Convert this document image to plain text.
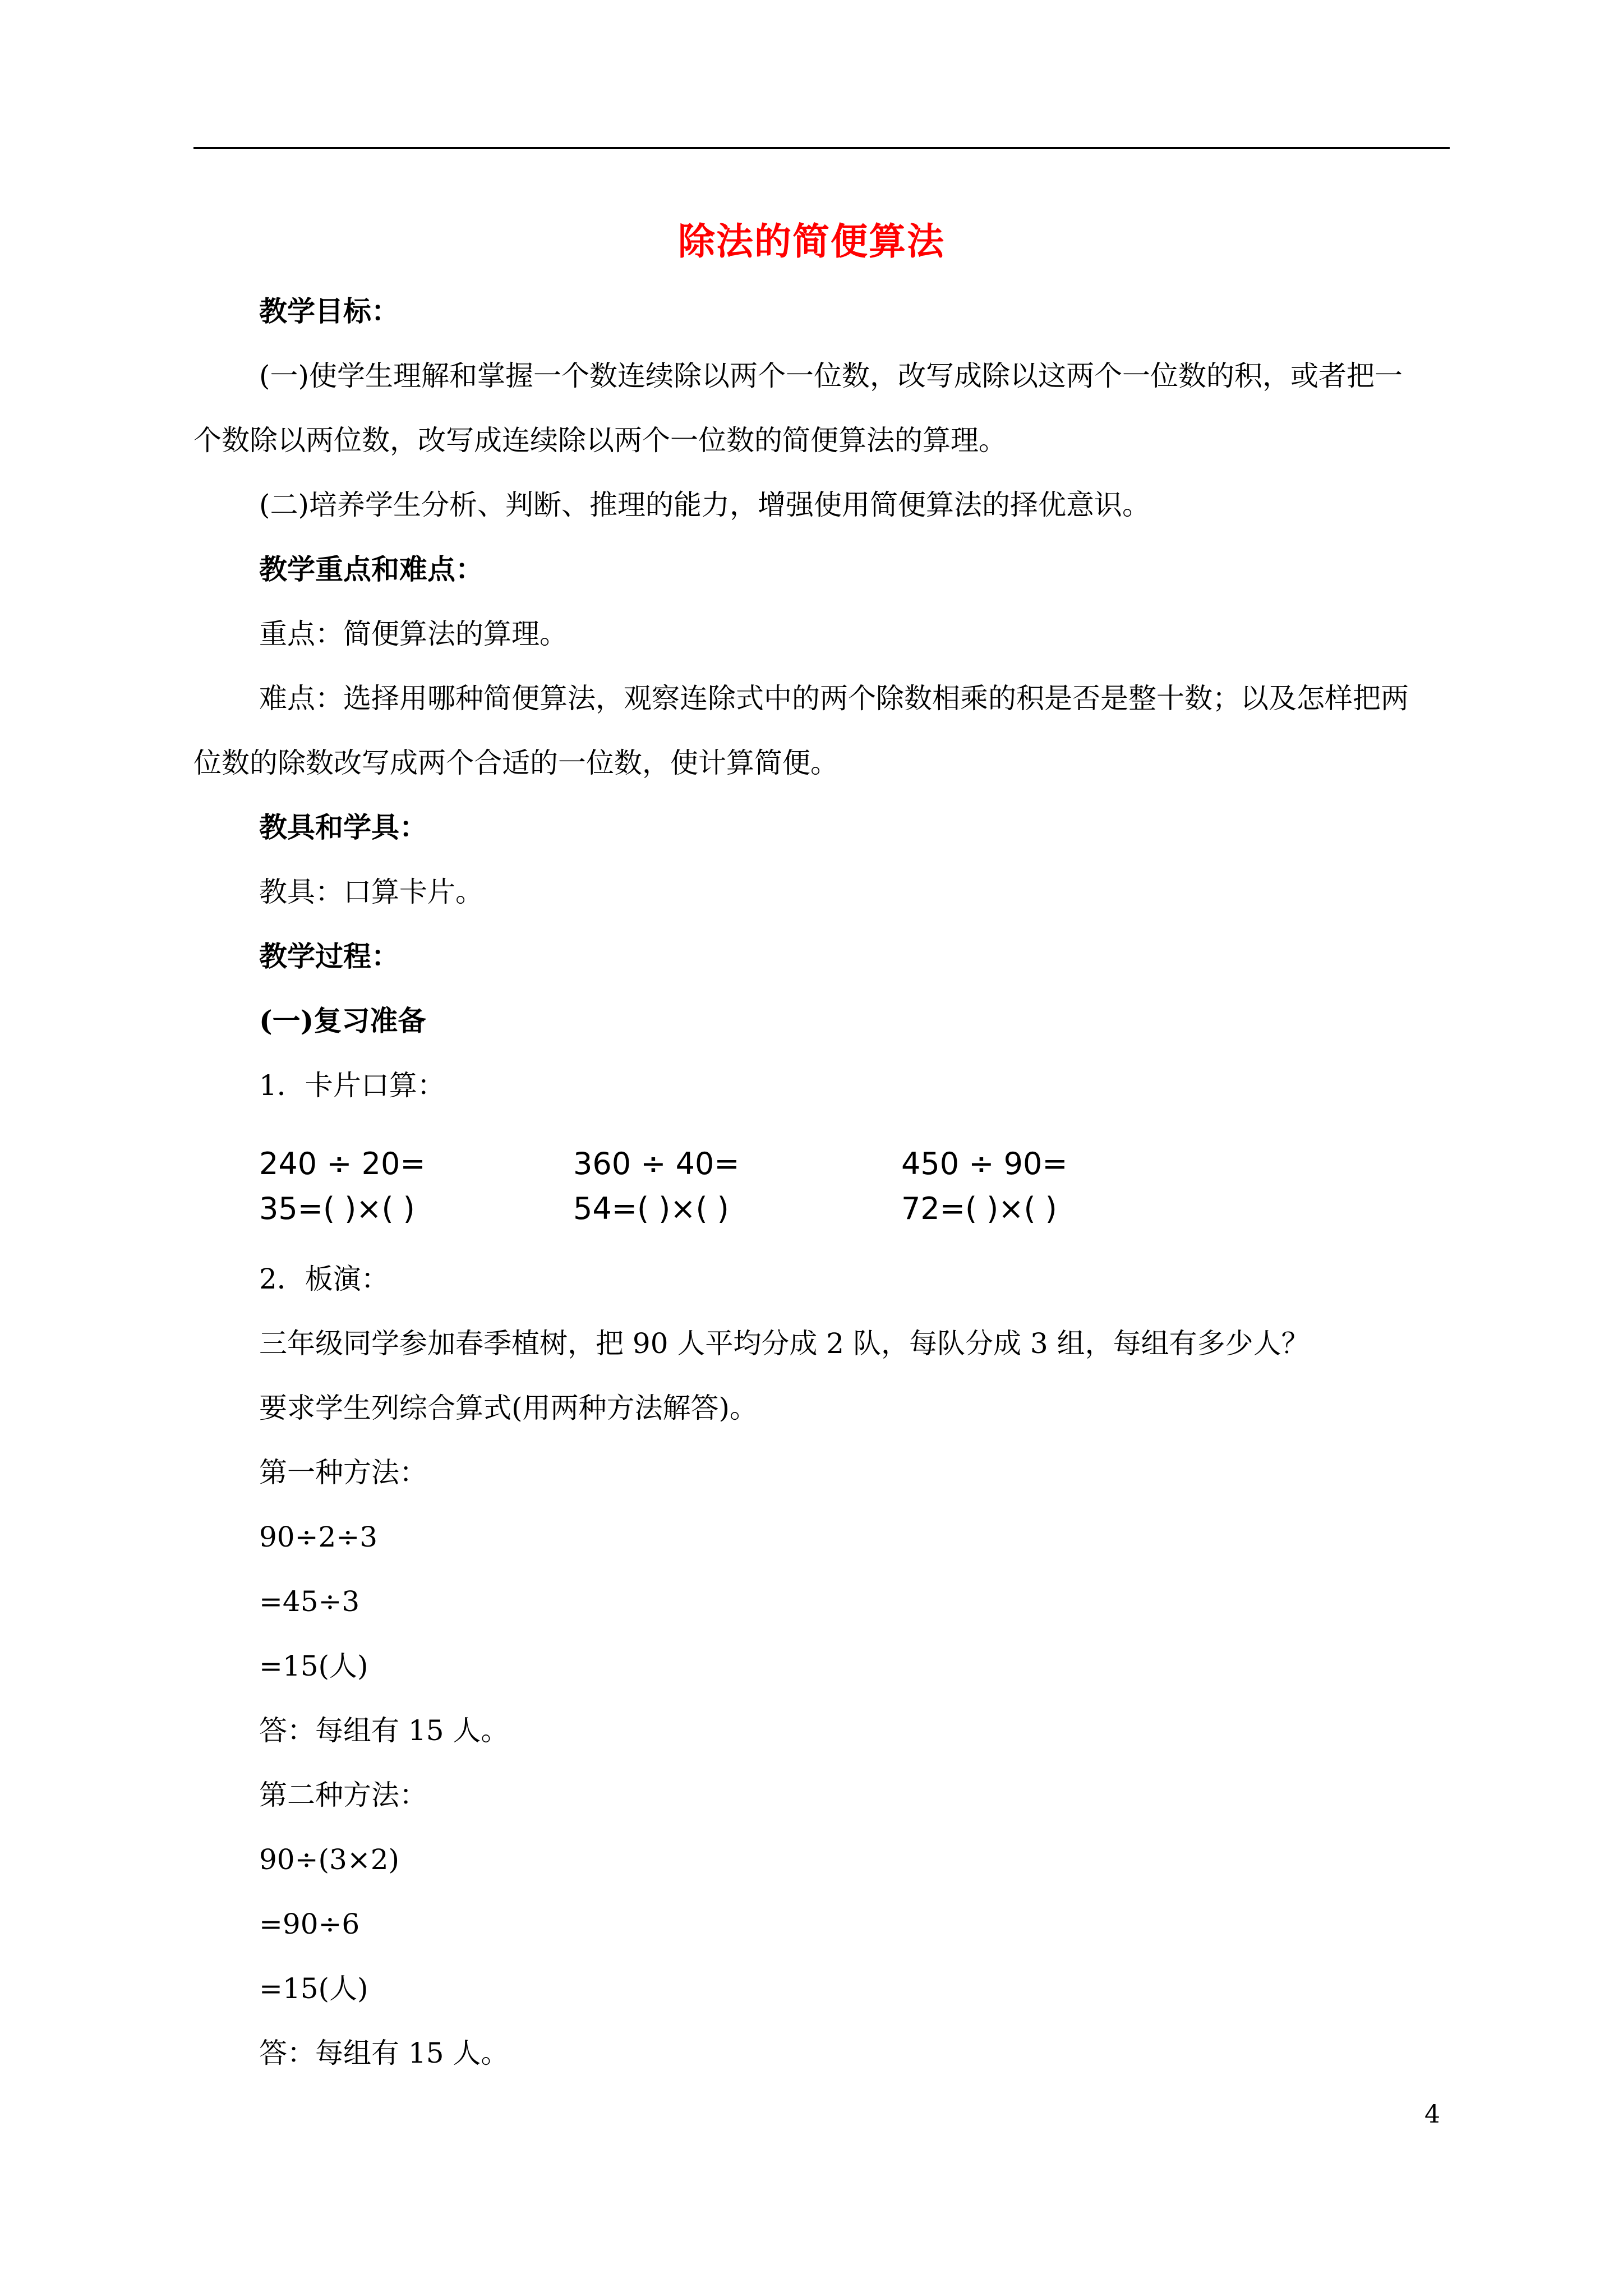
除法的简便算法
教学目标：
(一)使学生理解和掌握一个数连续除以两个一位数，改写成除以这两个一位数的积，或者把一
个数除以两位数，改写成连续除以两个一位数的简便算法的算理。
(二)培养学生分析、判断、推理的能力，增强使用简便算法的择优意识。
教学重点和难点：
重点：简便算法的算理。
难点：选择用哪种简便算法，观察连除式中的两个除数相乘的积是否是整十数；以及怎样把两
位数的除数改写成两个合适的一位数，使计算简便。
教具和学具：
教具：口算卡片。
教学过程：
(一)复习准备
1．卡片口算：
240 ÷ 20=	360 ÷ 40=	450 ÷ 90=
35=( )×( )	54=( )×( )	72=( )×( )
2．板演：
三年级同学参加春季植树，把 90 人平均分成 2 队，每队分成 3 组，每组有多少人？
要求学生列综合算式(用两种方法解答)。
第一种方法：
90÷2÷3
=45÷3
=15(人)
答：每组有 15 人。
第二种方法：
90÷(3×2)
=90÷6
=15(人)
答：每组有 15 人。
4
